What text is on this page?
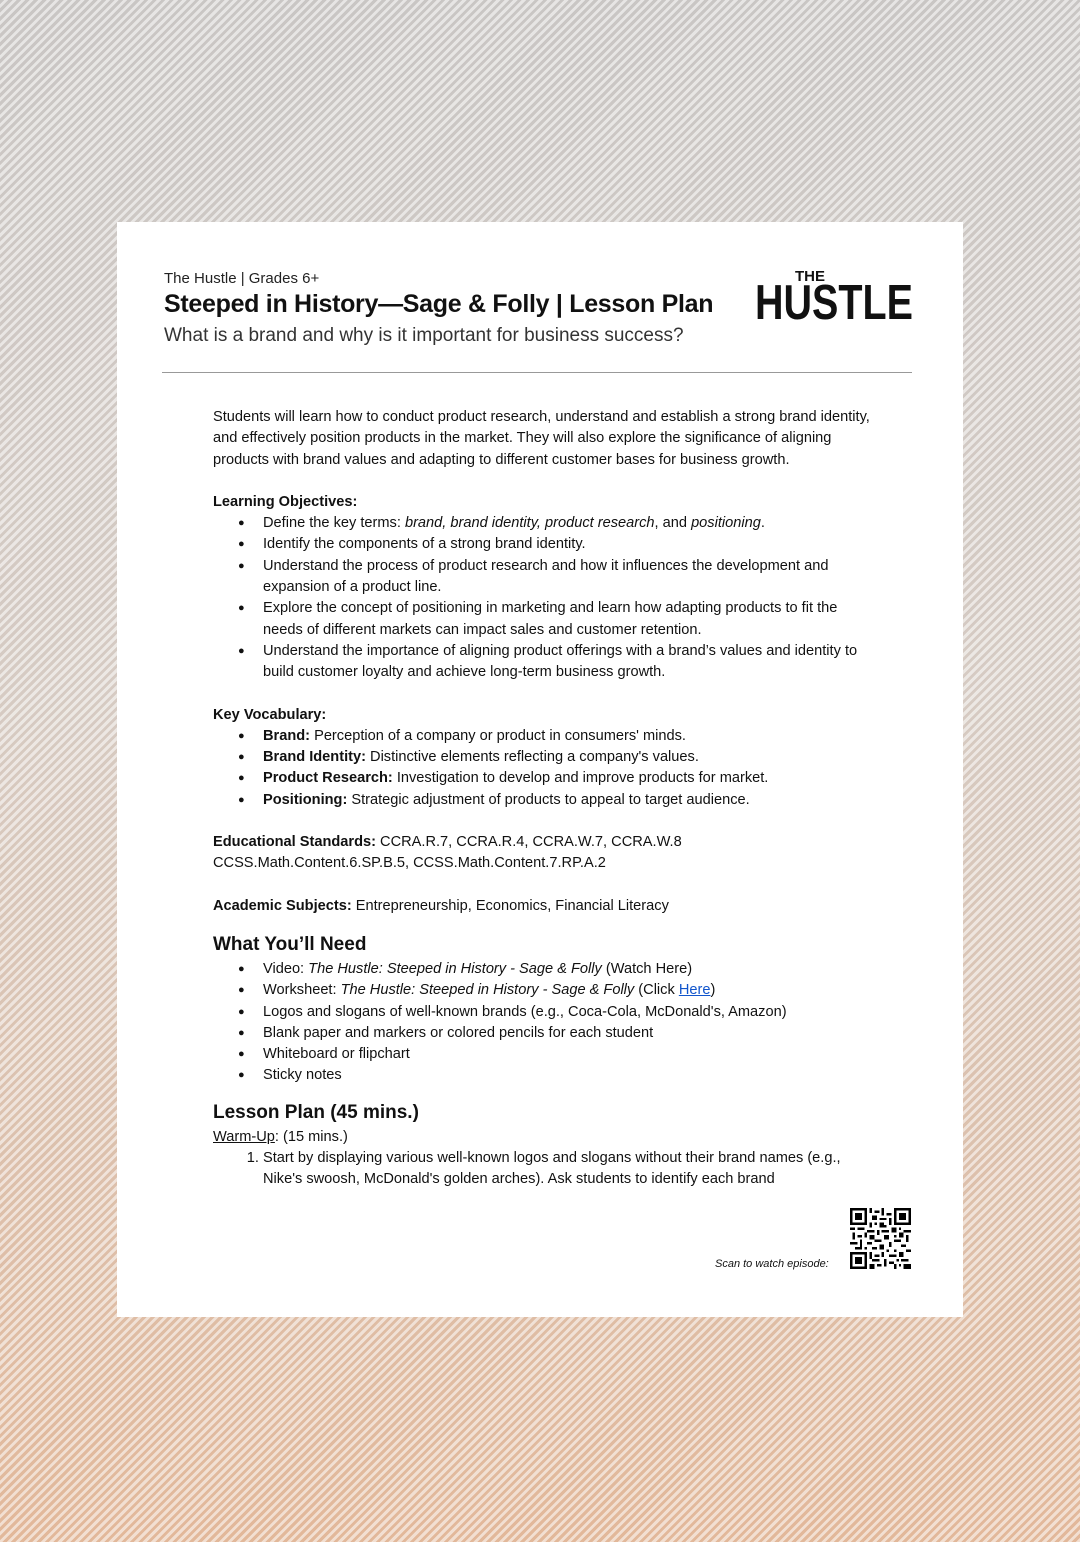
The Hustle | Grades 6+
Steeped in History—Sage & Folly | Lesson Plan
What is a brand and why is it important for business success?
THE
HUSTLE

Students will learn how to conduct product research, understand and establish a strong brand identity, and effectively position products in the market. They will also explore the significance of aligning products with brand values and adapting to different customer bases for business growth.

Learning Objectives:

● Define the key terms: brand, brand identity, product research, and positioning.
● Identify the components of a strong brand identity.
● Understand the process of product research and how it influences the development and expansion of a product line.
● Explore the concept of positioning in marketing and learn how adapting products to fit the needs of different markets can impact sales and customer retention.
● Understand the importance of aligning product offerings with a brand’s values and identity to build customer loyalty and achieve long-term business growth.

Key Vocabulary:

● Brand: Perception of a company or product in consumers' minds.
● Brand Identity: Distinctive elements reflecting a company's values.
● Product Research: Investigation to develop and improve products for market.
● Positioning: Strategic adjustment of products to appeal to target audience.

Educational Standards: CCRA.R.7, CCRA.R.4, CCRA.W.7, CCRA.W.8

CCSS.Math.Content.6.SP.B.5, CCSS.Math.Content.7.RP.A.2

Academic Subjects: Entrepreneurship, Economics, Financial Literacy

What You’ll Need
● Video: The Hustle: Steeped in History - Sage & Folly (Watch Here)
● Worksheet: The Hustle: Steeped in History - Sage & Folly (Click Here)
● Logos and slogans of well-known brands (e.g., Coca-Cola, McDonald's, Amazon)
● Blank paper and markers or colored pencils for each student
● Whiteboard or flipchart
● Sticky notes
Lesson Plan (45 mins.)

Warm-Up: (15 mins.)

1. Start by displaying various well-known logos and slogans without their brand names (e.g., Nike's swoosh, McDonald's golden arches). Ask students to identify each brand
Scan to watch episode:
